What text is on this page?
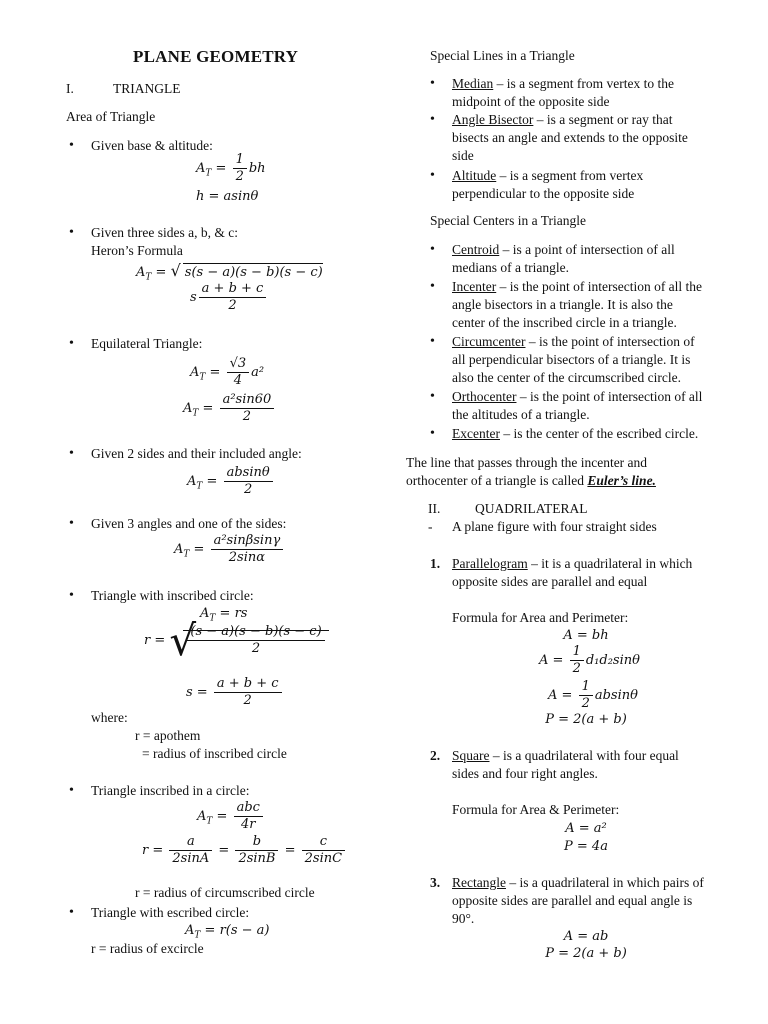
PLANE GEOMETRY
I.	TRIANGLE
Area of Triangle
• Given base & altitude:
$A_T = \frac{1}{2}$ bh
h = asinθ
• Given three sides a, b, & c:
Heron’s Formula
$A_T$ = √ s(s − a)(s − b)(s − c)
s $\frac{a + b + c}{2}$
• Equilateral Triangle:
$A_T = \frac{√3}{4} a^2$
$A_T = \frac{\text{a²sin60}}{2}$
• Given 2 sides and their included angle:
$A_T = \frac{absin\theta}{2}$
• Given 3 angles and one of the sides:
$A_T = \frac{\text{a²sinβsinγ}}{2\sin\alpha}$
• Triangle with inscribed circle:
$A_T$ = rs
r = √
$\frac{(s - a)(s - b)(s - c)}{2}$
$s = \frac{a + b + c}{2}$
where:
r = apothem
= radius of inscribed circle
• Triangle inscribed in a circle:
$A_T = \frac{\text{abc}}{4r}$
$r = \frac{a}{2\sin A} = \frac{b}{2\sin B} = \frac{c}{2\sin C}$
r = radius of circumscribed circle
• Triangle with escribed circle:
$A_T = r(s - a)$
r = radius of excircle
Special Lines in a Triangle
• Median – is a segment from vertex to the
midpoint of the opposite side
• Angle Bisector – is a segment or ray that
bisects an angle and extends to the opposite
side
• Altitude – is a segment from vertex
perpendicular to the opposite side
Special Centers in a Triangle
• Centroid – is a point of intersection of all
medians of a triangle.
• Incenter – is the point of intersection of all the
angle bisectors in a triangle. It is also the
center of the inscribed circle in a triangle.
• Circumcenter – is the point of intersection of
all perpendicular bisectors of a triangle. It is
also the center of the circumscribed circle.
• Orthocenter – is the point of intersection of all
the altitudes of a triangle.
• Excenter – is the center of the escribed circle.
The line that passes through the incenter and
orthocenter of a triangle is called Euler’s line.
II.	QUADRILATERAL
- A plane figure with four straight sides
1. Parallelogram – it is a quadrilateral in which
opposite sides are parallel and equal
Formula for Area and Perimeter:
A = bh
$A = \frac{1}{2} d_1d_2\sin\theta$
$A = \frac{1}{2}$ absinθ
P = 2(a + b)
2. Square – is a quadrilateral with four equal
sides and four right angles.
Formula for Area & Perimeter:
A = a²
P = 4a
3. Rectangle – is a quadrilateral in which pairs of
opposite sides are parallel and equal angle is
90°.
A = ab
P = 2(a + b)
